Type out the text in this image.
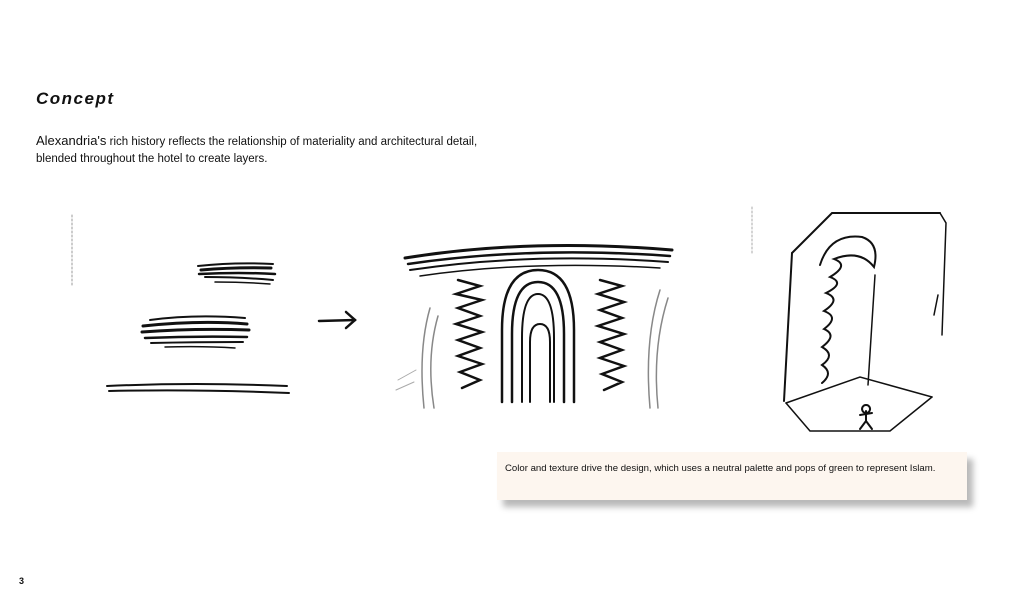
Concept
Alexandria's rich history reflects the relationship of materiality and architectural detail, blended throughout the hotel to create layers.

Color and texture drive the design, which uses a neutral palette and pops of green to represent Islam.

3
